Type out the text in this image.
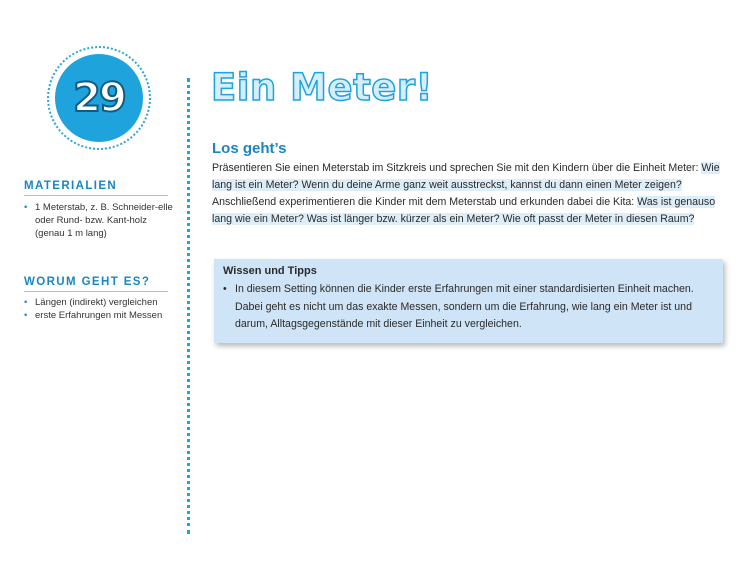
29
MATERIALIEN
• 1 Meterstab, z. B. Schneider-elle oder Rund- bzw. Kant-holz (genau 1 m lang)
WORUM GEHT ES?
• Längen (indirekt) vergleichen
• erste Erfahrungen mit Messen
Ein Meter!
Los geht’s
Präsentieren Sie einen Meterstab im Sitzkreis und sprechen Sie mit den Kindern über die Einheit Meter: Wie lang ist ein Meter? Wenn du deine Arme ganz weit ausstreckst, kannst du dann einen Meter zeigen? Anschließend experimentieren die Kinder mit dem Meterstab und erkunden dabei die Kita: Was ist genauso lang wie ein Meter? Was ist länger bzw. kürzer als ein Meter? Wie oft passt der Meter in diesen Raum?
Wissen und Tipps
• In diesem Setting können die Kinder erste Erfahrungen mit einer standardisierten Einheit machen. Dabei geht es nicht um das exakte Messen, sondern um die Erfahrung, wie lang ein Meter ist und darum, Alltagsgegenstände mit dieser Einheit zu vergleichen.
